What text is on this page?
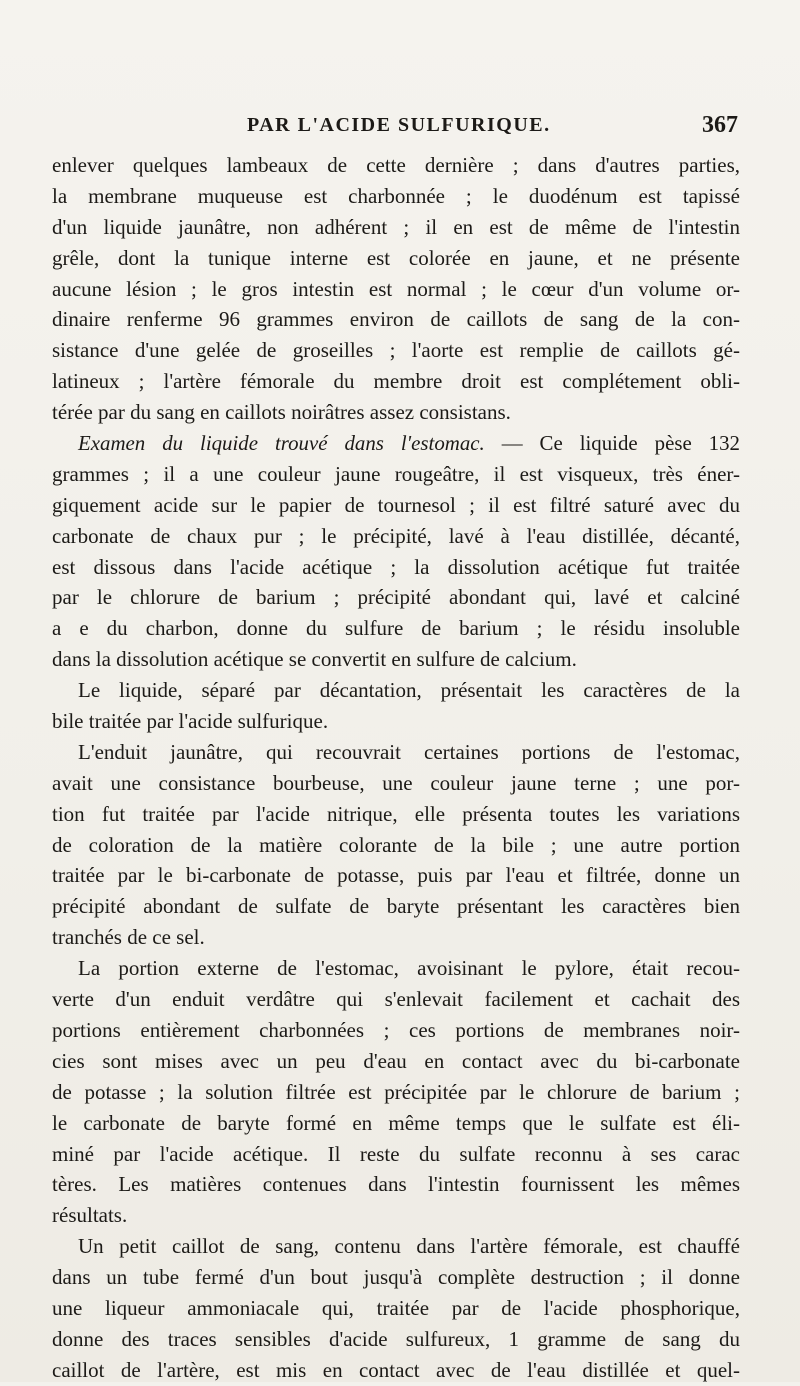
PAR L'ACIDE SULFURIQUE.	367
enlever quelques lambeaux de cette dernière ; dans d'autres parties,
la membrane muqueuse est charbonnée ; le duodénum est tapissé
d'un liquide jaunâtre, non adhérent ; il en est de même de l'intestin
grêle, dont la tunique interne est colorée en jaune, et ne présente
aucune lésion ; le gros intestin est normal ; le cœur d'un volume or-
dinaire renferme 96 grammes environ de caillots de sang de la con-
sistance d'une gelée de groseilles ; l'aorte est remplie de caillots gé-
latineux ; l'artère fémorale du membre droit est complétement obli-
térée par du sang en caillots noirâtres assez consistans.
Examen du liquide trouvé dans l'estomac. — Ce liquide pèse 132
grammes ; il a une couleur jaune rougeâtre, il est visqueux, très éner-
giquement acide sur le papier de tournesol ; il est filtré saturé avec du
carbonate de chaux pur ; le précipité, lavé à l'eau distillée, décanté,
est dissous dans l'acide acétique ; la dissolution acétique fut traitée
par le chlorure de barium ; précipité abondant qui, lavé et calciné
a e du charbon, donne du sulfure de barium ; le résidu insoluble
dans la dissolution acétique se convertit en sulfure de calcium.
Le liquide, séparé par décantation, présentait les caractères de la
bile traitée par l'acide sulfurique.
L'enduit jaunâtre, qui recouvrait certaines portions de l'estomac,
avait une consistance bourbeuse, une couleur jaune terne ; une por-
tion fut traitée par l'acide nitrique, elle présenta toutes les variations
de coloration de la matière colorante de la bile ; une autre portion
traitée par le bi-carbonate de potasse, puis par l'eau et filtrée, donne un
précipité abondant de sulfate de baryte présentant les caractères bien
tranchés de ce sel.
La portion externe de l'estomac, avoisinant le pylore, était recou-
verte d'un enduit verdâtre qui s'enlevait facilement et cachait des
portions entièrement charbonnées ; ces portions de membranes noir-
cies sont mises avec un peu d'eau en contact avec du bi-carbonate
de potasse ; la solution filtrée est précipitée par le chlorure de barium ;
le carbonate de baryte formé en même temps que le sulfate est éli-
miné par l'acide acétique. Il reste du sulfate reconnu à ses carac
tères. Les matières contenues dans l'intestin fournissent les mêmes
résultats.
Un petit caillot de sang, contenu dans l'artère fémorale, est chauffé
dans un tube fermé d'un bout jusqu'à complète destruction ; il donne
une liqueur ammoniacale qui, traitée par de l'acide phosphorique,
donne des traces sensibles d'acide sulfureux, 1 gramme de sang du
caillot de l'artère, est mis en contact avec de l'eau distillée et quel-
